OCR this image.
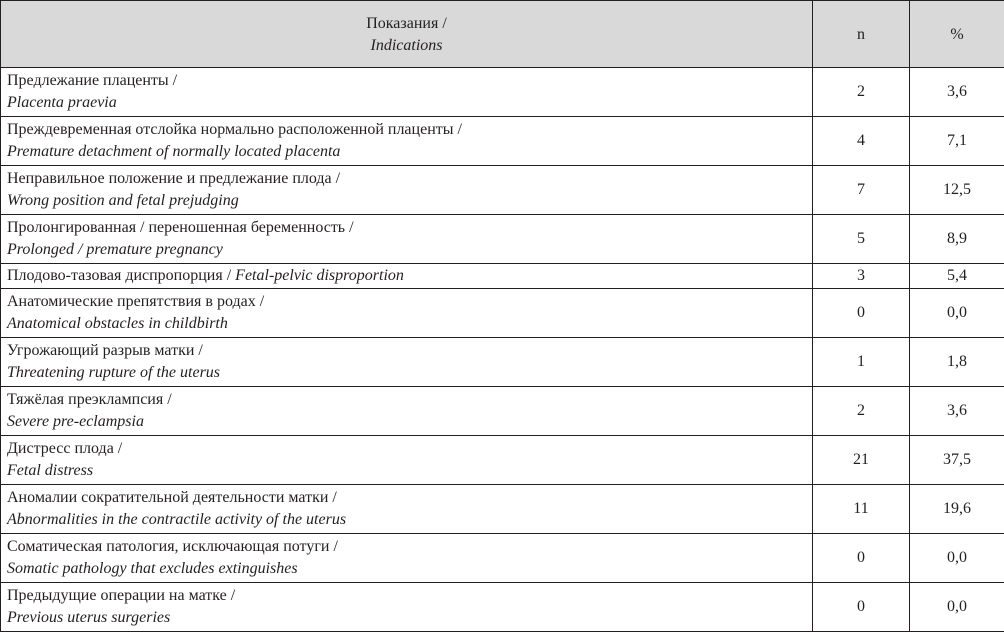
Показания /
Indications	n	%

Предлежание плаценты /
Placenta praevia	2	3,6

Преждевременная отслойка нормально расположенной плаценты /
Premature detachment of normally located placenta	4	7,1

Неправильное положение и предлежание плода /
Wrong position and fetal prejudging	7	12,5

Пролонгированная / переношенная беременность /
Prolonged / premature pregnancy	5	8,9
Плодово-тазовая диспропорция / Fetal-pelvic disproportion	3	5,4

Анатомические препятствия в родах /
Anatomical obstacles in childbirth	0	0,0

Угрожающий разрыв матки /
Threatening rupture of the uterus	1	1,8

Тяжёлая преэклампсия /
Severe pre-eclampsia	2	3,6

Дистресс плода /
Fetal distress	21	37,5

Аномалии сократительной деятельности матки /
Abnormalities in the contractile activity of the uterus	11	19,6

Соматическая патология, исключающая потуги /
Somatic pathology that excludes extinguishes	0	0,0

Предыдущие операции на матке /
Previous uterus surgeries	0	0,0
